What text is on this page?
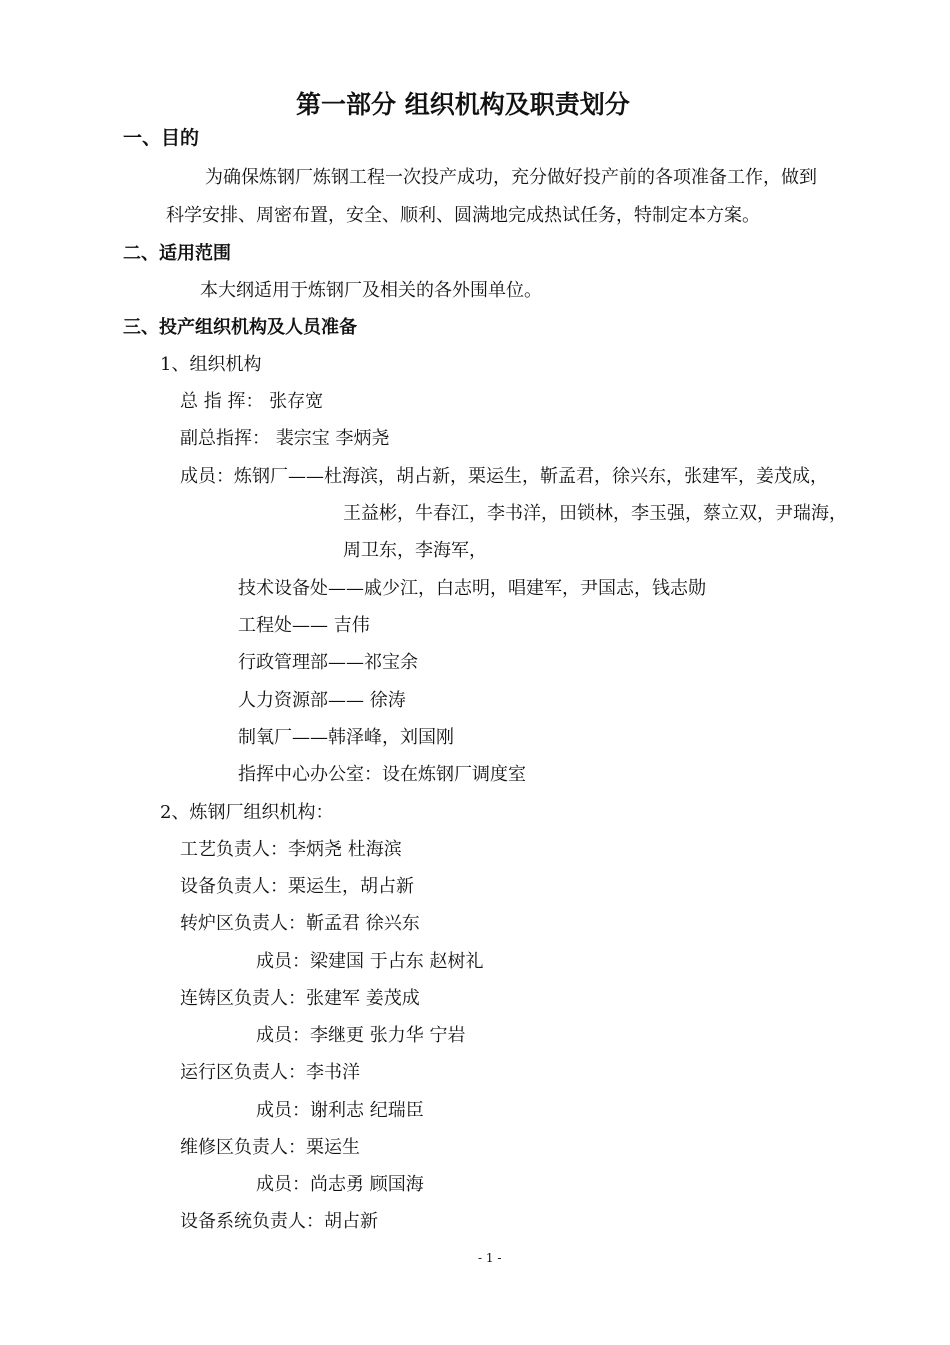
第一部分 组织机构及职责划分
一、目的
为确保炼钢厂炼钢工程一次投产成功，充分做好投产前的各项准备工作，做到
科学安排、周密布置，安全、顺利、圆满地完成热试任务，特制定本方案。
二、适用范围
本大纲适用于炼钢厂及相关的各外围单位。
三、投产组织机构及人员准备
1、组织机构
总 指 挥： 张存宽
副总指挥： 裴宗宝 李炳尧
成员：炼钢厂——杜海滨，胡占新，栗运生，靳孟君，徐兴东，张建军，姜茂成，
王益彬，牛春江，李书洋，田锁林，李玉强，蔡立双，尹瑞海，
周卫东，李海军，
技术设备处——戚少江，白志明，唱建军，尹国志，钱志勋
工程处—— 吉伟
行政管理部——祁宝余
人力资源部—— 徐涛
制氧厂——韩泽峰，刘国刚
指挥中心办公室：设在炼钢厂调度室
2、炼钢厂组织机构：
工艺负责人：李炳尧 杜海滨
设备负责人：栗运生，胡占新
转炉区负责人：靳孟君 徐兴东
成员：梁建国 于占东 赵树礼
连铸区负责人：张建军 姜茂成
成员：李继更 张力华 宁岩
运行区负责人：李书洋
成员：谢利志 纪瑞臣
维修区负责人：栗运生
成员：尚志勇 顾国海
设备系统负责人：胡占新
- 1 -
